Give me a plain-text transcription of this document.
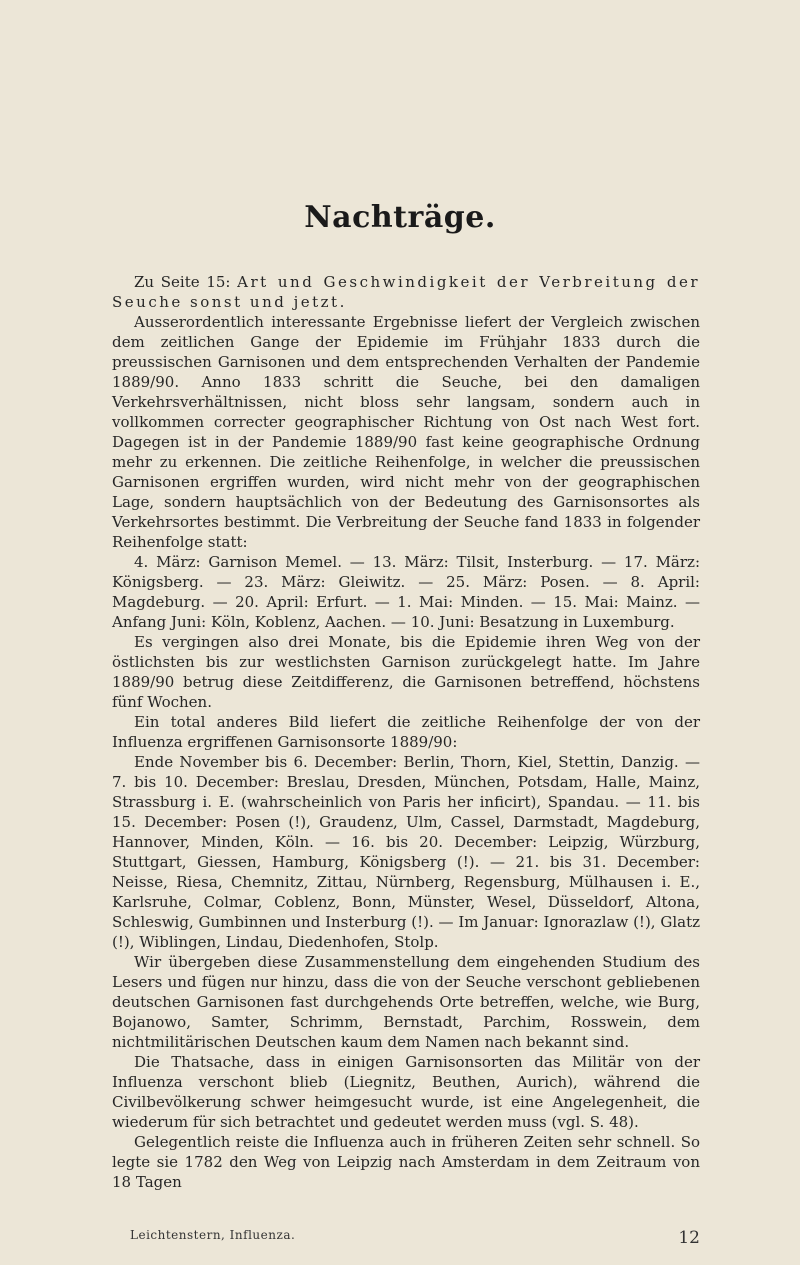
Nachträge.

Zu Seite 15: Art und Geschwindigkeit der Verbreitung der Seuche sonst und jetzt.

Ausserordentlich interessante Ergebnisse liefert der Vergleich zwischen dem zeitlichen Gange der Epidemie im Frühjahr 1833 durch die preussischen Garnisonen und dem entsprechenden Verhalten der Pandemie 1889/90. Anno 1833 schritt die Seuche, bei den damaligen Verkehrsverhältnissen, nicht bloss sehr langsam, sondern auch in vollkommen correcter geographischer Richtung von Ost nach West fort. Dagegen ist in der Pandemie 1889/90 fast keine geographische Ordnung mehr zu erkennen. Die zeitliche Reihenfolge, in welcher die preussischen Garnisonen ergriffen wurden, wird nicht mehr von der geographischen Lage, sondern hauptsächlich von der Bedeutung des Garnisonsortes als Verkehrsortes bestimmt. Die Verbreitung der Seuche fand 1833 in folgender Reihenfolge statt:

4. März: Garnison Memel. — 13. März: Tilsit, Insterburg. — 17. März: Königsberg. — 23. März: Gleiwitz. — 25. März: Posen. — 8. April: Magdeburg. — 20. April: Erfurt. — 1. Mai: Minden. — 15. Mai: Mainz. — Anfang Juni: Köln, Koblenz, Aachen. — 10. Juni: Besatzung in Luxemburg.

Es vergingen also drei Monate, bis die Epidemie ihren Weg von der östlichsten bis zur westlichsten Garnison zurückgelegt hatte. Im Jahre 1889/90 betrug diese Zeitdifferenz, die Garnisonen betreffend, höchstens fünf Wochen.

Ein total anderes Bild liefert die zeitliche Reihenfolge der von der Influenza ergriffenen Garnisonsorte 1889/90:

Ende November bis 6. December: Berlin, Thorn, Kiel, Stettin, Danzig. — 7. bis 10. December: Breslau, Dresden, München, Potsdam, Halle, Mainz, Strassburg i. E. (wahrscheinlich von Paris her inficirt), Spandau. — 11. bis 15. December: Posen (!), Graudenz, Ulm, Cassel, Darmstadt, Magdeburg, Hannover, Minden, Köln. — 16. bis 20. December: Leipzig, Würzburg, Stuttgart, Giessen, Hamburg, Königsberg (!). — 21. bis 31. December: Neisse, Riesa, Chemnitz, Zittau, Nürnberg, Regensburg, Mülhausen i. E., Karlsruhe, Colmar, Coblenz, Bonn, Münster, Wesel, Düsseldorf, Altona, Schleswig, Gumbinnen und Insterburg (!). — Im Januar: Ignorazlaw (!), Glatz (!), Wiblingen, Lindau, Diedenhofen, Stolp.

Wir übergeben diese Zusammenstellung dem eingehenden Studium des Lesers und fügen nur hinzu, dass die von der Seuche verschont gebliebenen deutschen Garnisonen fast durchgehends Orte betreffen, welche, wie Burg, Bojanowo, Samter, Schrimm, Bernstadt, Parchim, Rosswein, dem nichtmilitärischen Deutschen kaum dem Namen nach bekannt sind.

Die Thatsache, dass in einigen Garnisonsorten das Militär von der Influenza verschont blieb (Liegnitz, Beuthen, Aurich), während die Civilbevölkerung schwer heimgesucht wurde, ist eine Angelegenheit, die wiederum für sich betrachtet und gedeutet werden muss (vgl. S. 48).

Gelegentlich reiste die Influenza auch in früheren Zeiten sehr schnell. So legte sie 1782 den Weg von Leipzig nach Amsterdam in dem Zeitraum von 18 Tagen

Leichtenstern, Influenza.	12
